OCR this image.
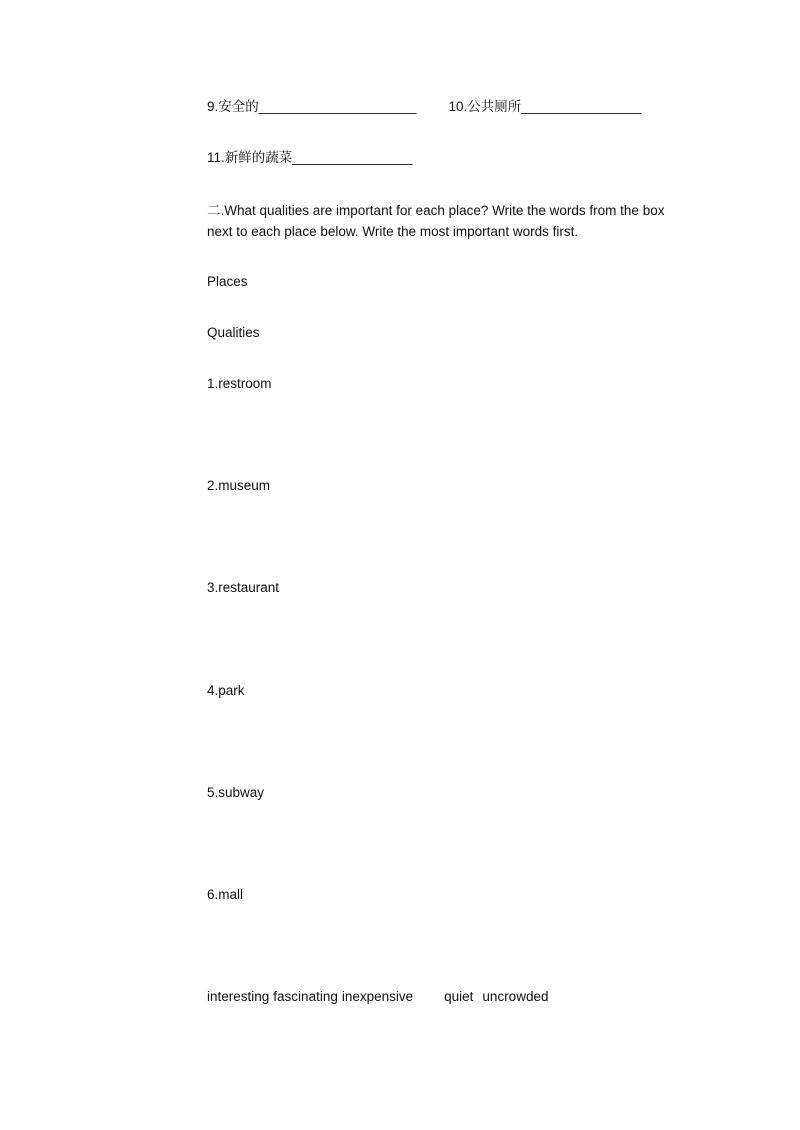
9.安全的_____________________ 10.公共厕所________________
11.新鲜的蔬菜________________
二.What qualities are important for each place? Write the words from the box next to each place below. Write the most important words first.
Places
Qualities
1.restroom
2.museum
3.restaurant
4.park
5.subway
6.mall
interesting fascinating inexpensive quiet uncrowded
